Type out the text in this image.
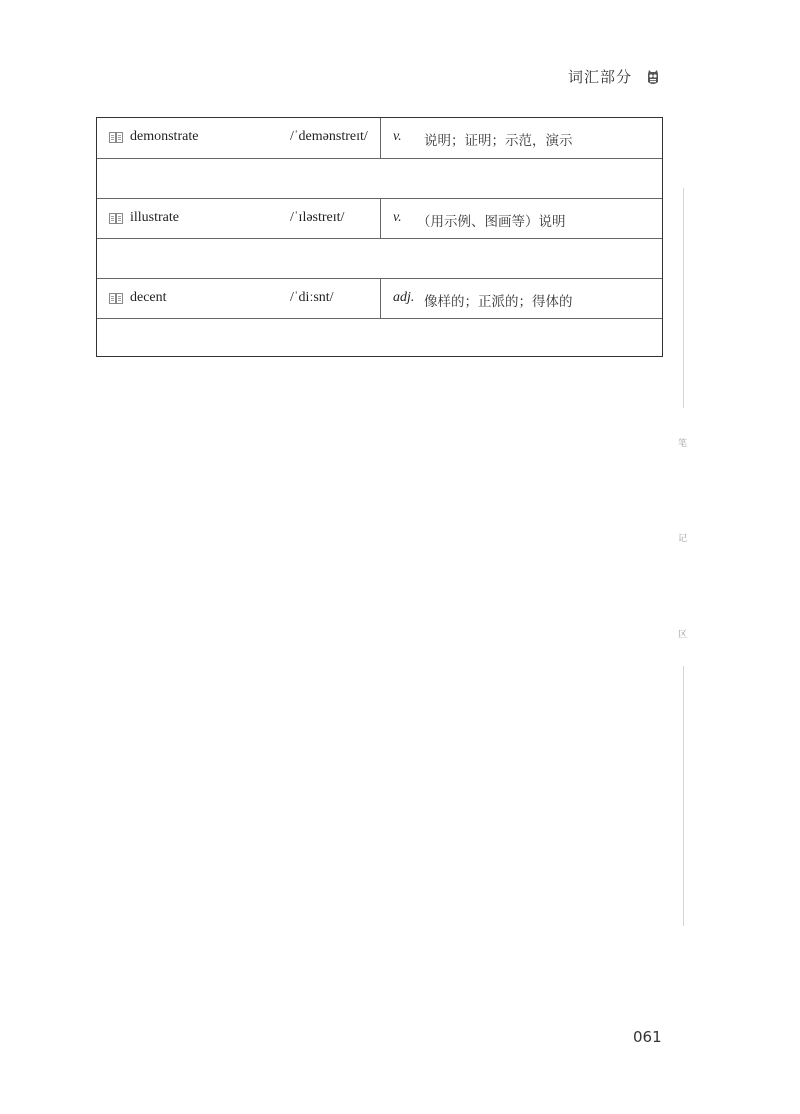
词汇部分
demonstrate	/ˈdemənstreɪt/ v. 说明；证明；示范，演示
illustrate	/ˈɪləstreɪt/	v. （用示例、图画等）说明
decent	/ˈdiːsnt/	adj. 像样的；正派的；得体的
笔
记
区
061
